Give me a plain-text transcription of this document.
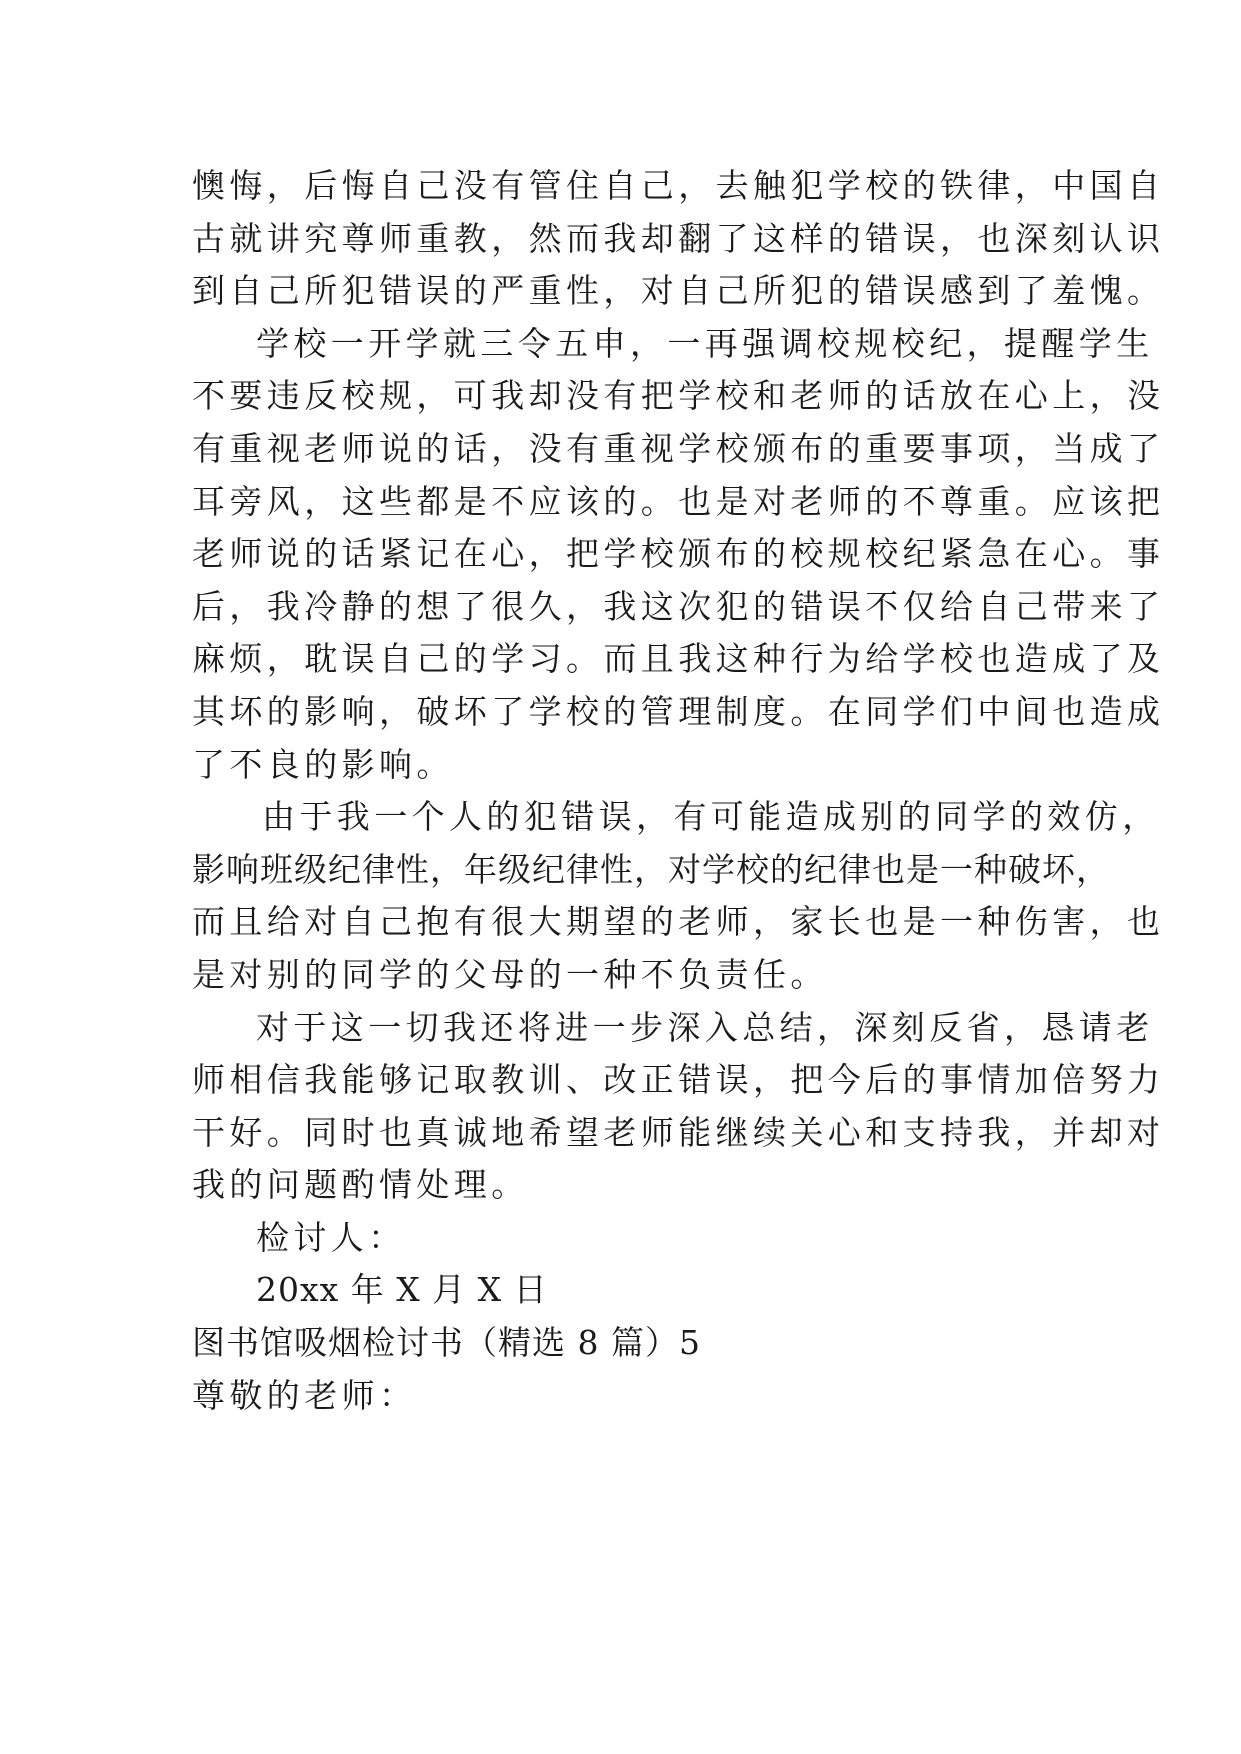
懊悔，后悔自己没有管住自己，去触犯学校的铁律，中国自
古就讲究尊师重教，然而我却翻了这样的错误，也深刻认识
到自己所犯错误的严重性，对自己所犯的错误感到了羞愧。
学校一开学就三令五申，一再强调校规校纪，提醒学生
不要违反校规，可我却没有把学校和老师的话放在心上，没
有重视老师说的话，没有重视学校颁布的重要事项，当成了
耳旁风，这些都是不应该的。也是对老师的不尊重。应该把
老师说的话紧记在心，把学校颁布的校规校纪紧急在心。事
后，我冷静的想了很久，我这次犯的错误不仅给自己带来了
麻烦，耽误自己的学习。而且我这种行为给学校也造成了及
其坏的影响，破坏了学校的管理制度。在同学们中间也造成
了不良的影响。
由于我一个人的犯错误，有可能造成别的同学的效仿，
影响班级纪律性，年级纪律性，对学校的纪律也是一种破坏，
而且给对自己抱有很大期望的老师，家长也是一种伤害，也
是对别的同学的父母的一种不负责任。
对于这一切我还将进一步深入总结，深刻反省，恳请老
师相信我能够记取教训、改正错误，把今后的事情加倍努力
干好。同时也真诚地希望老师能继续关心和支持我，并却对
我的问题酌情处理。
检讨人：
20xx 年 X 月 X 日
图书馆吸烟检讨书（精选 8 篇）5
尊敬的老师：
